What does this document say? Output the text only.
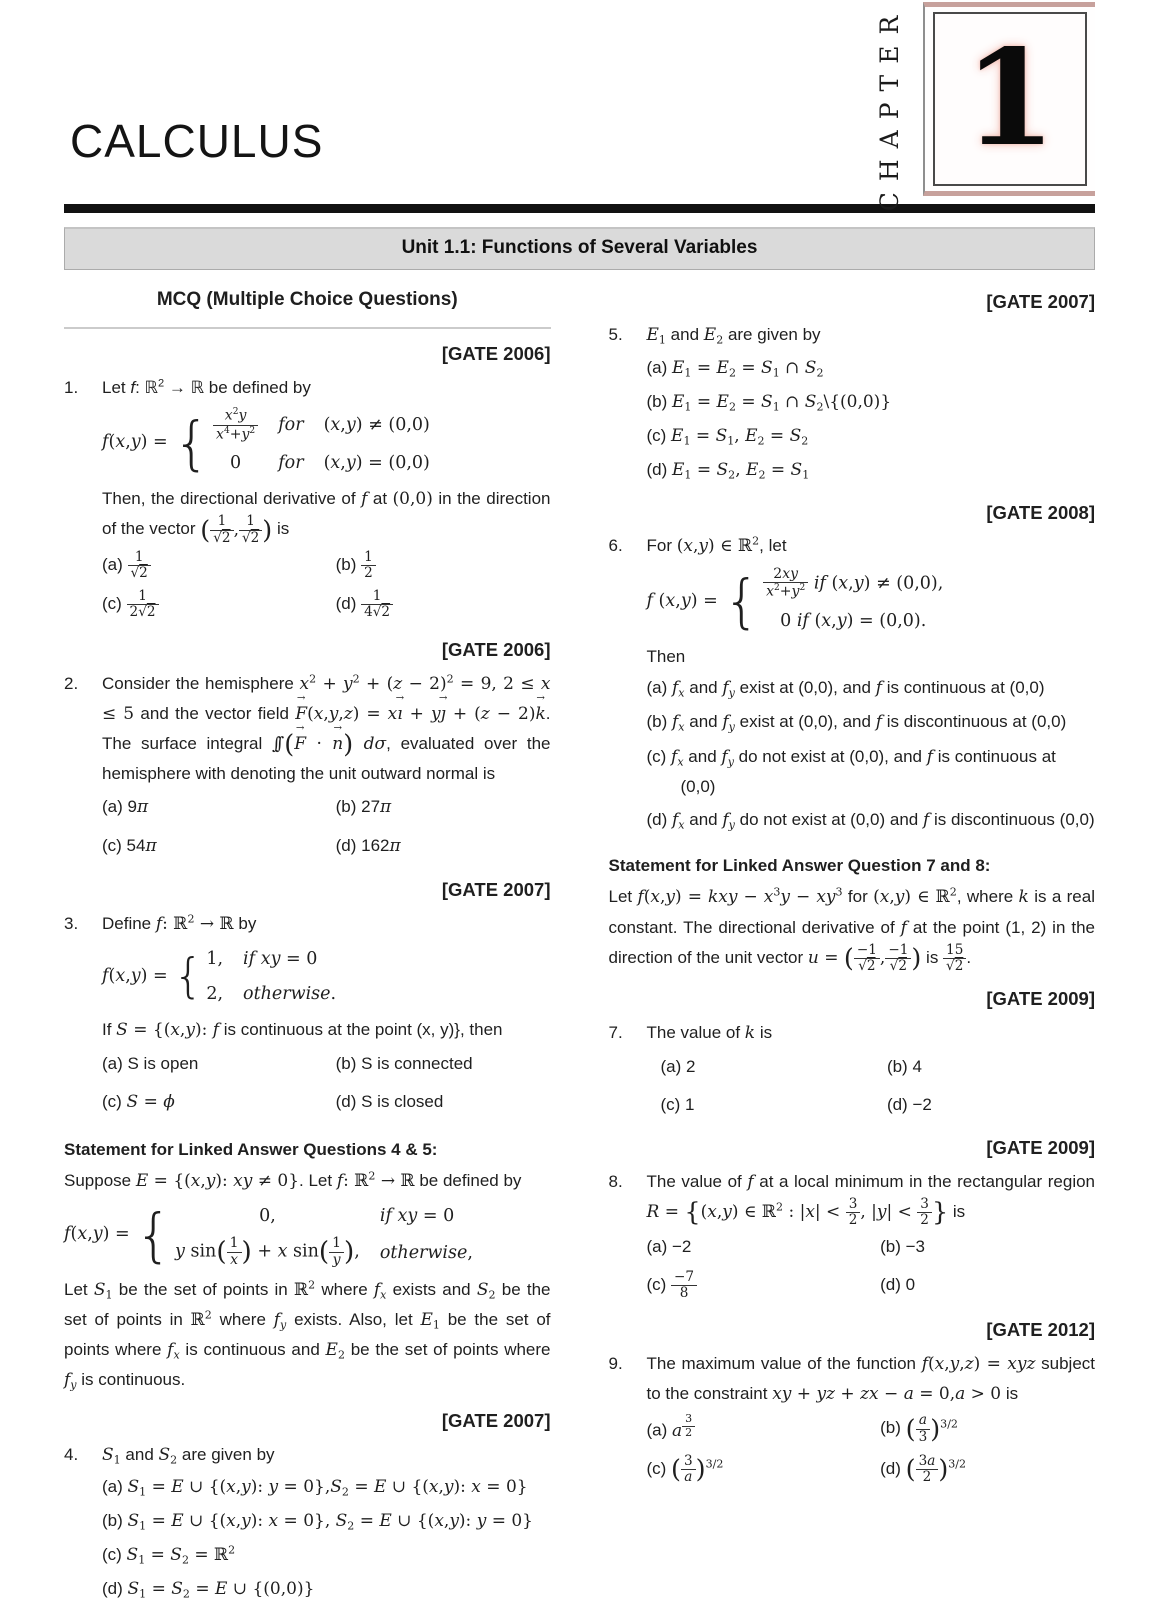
CALCULUS	CHAPTER 1
Unit 1.1: Functions of Several Variables
MCQ (Multiple Choice Questions)
[GATE 2006]
1.	Let f: ℝ$^2$ → ℝ be defined by

f(x,y) = { $\frac{x^2y}{x^4+y^2}$ for (x,y) ≠ (0,0)
0 for (x,y) = (0,0)

Then, the directional derivative of f at (0,0) in the direction of the vector ( $\frac{1}{√2}$ , $\frac{1}{√2}$ ) is

$(a) \frac{1}{√2}$	$(b) \frac{1}{2}$
$(c) \frac{1}{2√2}$	$(d) \frac{1}{4√2}$
[GATE 2006]
2.	Consider the hemisphere $x^2 + y^2 + (z - 2)^2 = 9$, 2 ≤ x ≤ 5 and the vector field
→
F(x,y,z) = x
→
ı + y
→
ȷ + (z − 2)
→
k. The surface integral ∫∫ (
→
F ·
→
n) dσ, evaluated over the hemisphere with denoting the unit outward normal is

(a) 9π	(b) 27π
(c) 54π	(d) 162π
[GATE 2007]
3.	Define f: ℝ$^2$ → ℝ by

f(x,y) = { 1, if xy = 0
2, otherwise.

If S = {(x,y): f is continuous at the point (x, y)}, then

(a) S is open	(b) S is connected
(c) S = ϕ	(d) S is closed
Statement for Linked Answer Questions 4 & 5:

Suppose E = {(x,y): xy ≠ 0}. Let f: ℝ$^2$ → ℝ be defined by

f(x,y) = {	0,	if xy = 0
y $\sin( \frac{1}{x}$ ) + x $\sin( \frac{1}{y}$ ), otherwise,

Let $S_1$ be the set of points in ℝ$^2$ where $f_x$ exists and $S_2$ be the set of points in ℝ$^2$ where $f_y$ exists. Also, let $E_1$ be the set of points where $f_x$ is continuous and $E_2$ be the set of points where $f_y$ is continuous.

[GATE 2007]
4.	$S_1$ and $S_2$ are given by

(a) $S_1 = E$ ∪ {(x,y): $y = 0\},S_2 = E$ ∪ {(x,y): x = 0}
(b) $S_1 = E$ ∪ {(x,y): x = 0}, $S_2 = E$ ∪ {(x,y): y = 0}
(c) $S_1 = S_2$ = ℝ$^2$
(d) $S_1 = S_2 = E$ ∪ {(0,0)}
[GATE 2007]
5.	$E_1$ and $E_2$ are given by

(a) $E_1 = E_2 = S_1$ ∩ $S_2$
(b) $E_1 = E_2 = S_1$ ∩ $S_2\backslash\{(0,0)\}$
(c) $E_1 = S_1$, $E_2 = S_2$
(d) $E_1 = S_2$, $E_2 = S_1$
[GATE 2008]
6.	For (x,y) ∈ ℝ$^2$, let

f (x,y) = { $\frac{2xy}{x^2+y^2}$ if (x,y) ≠ (0,0),
0 if (x,y) = (0,0).

Then

(a) $f_x$ and $f_y$ exist at (0,0), and f is continuous at (0,0)
(b) $f_x$ and $f_y$ exist at (0,0), and f is discontinuous at (0,0)
(c) $f_x$ and $f_y$ do not exist at (0,0), and f is continuous at (0,0)
(d) $f_x$ and $f_y$ do not exist at (0,0) and f is discontinuous (0,0)
Statement for Linked Answer Question 7 and 8:

Let f(x,y) = kxy − $x^3y - xy^3$ for (x,y) ∈ ℝ$^2$, where k is a real constant. The directional derivative of f at the point (1, 2) in the direction of the unit vector u = ( $\frac{-1}{√2}$ , $\frac{-1}{√2}$ ) is $\frac{15}{√2}$ .

[GATE 2009]
7.	The value of k is

(a) 2	(b) 4
(c) 1	(d) −2
[GATE 2009]
8.	The value of f at a local minimum in the rectangular region R = {(x,y) ∈ ℝ$^2$ : $|x| < \frac{3}{2}$ , $|y| < \frac{3}{2}$ } is

(a) −2	(b) −3
$(c) \frac{-7}{8}$	(d) 0
[GATE 2012]
9.	The maximum value of the function f(x,y,z) = xyz subject to the constraint xy + yz + zx − a = 0,a > 0 is

(a) a $^{\frac{3}{2}}$	(b) ( $\frac{a}{3} )^{3/2}$
(c) ( $\frac{3}{a} )^{3/2}$	(d) ( $\frac{3a}{2} )^{3/2}$
